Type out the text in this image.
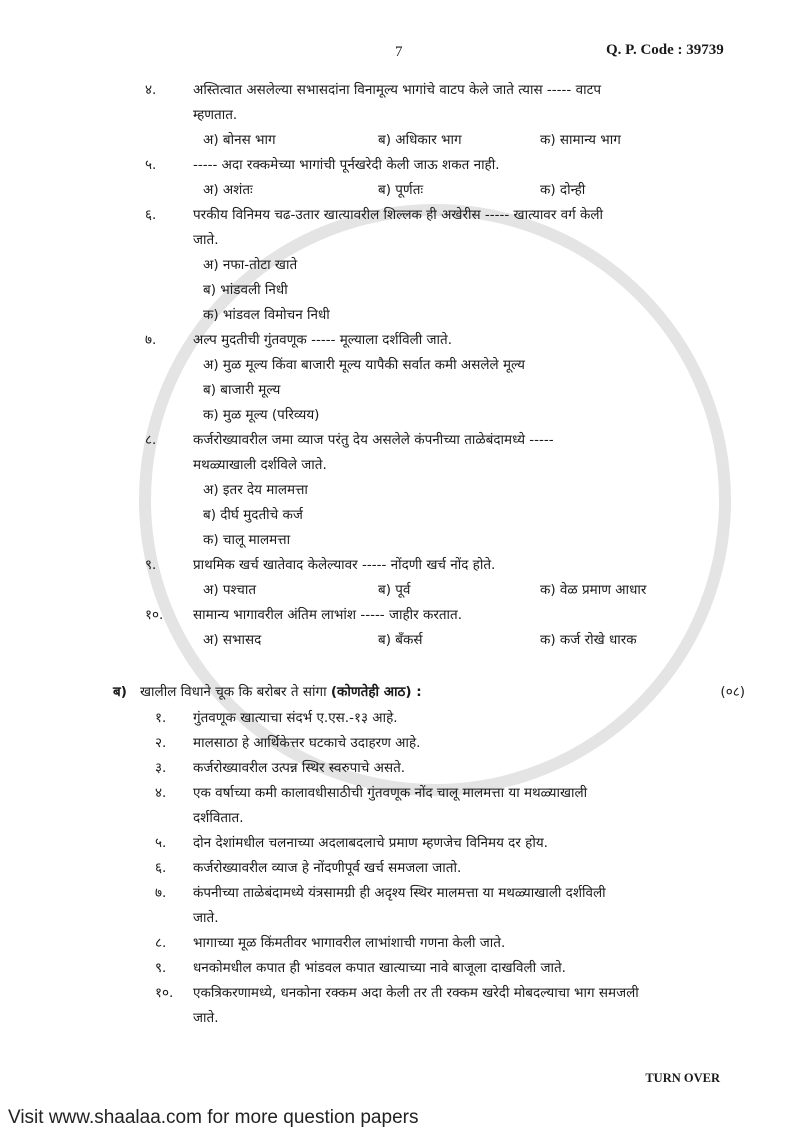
7	Q. P. Code : 39739
४.	अस्तित्वात असलेल्या सभासदांना विनामूल्य भागांचे वाटप केले जाते त्यास ----- वाटप
म्हणतात.
अ) बोनस भाग	ब) अधिकार भाग	क) सामान्य भाग
५.	----- अदा रक्कमेच्या भागांची पूर्नखरेदी केली जाऊ शकत नाही.
अ) अशंतः	ब) पूर्णतः	क) दोन्ही
६.	परकीय विनिमय चढ-उतार खात्यावरील शिल्लक ही अखेरीस ----- खात्यावर वर्ग केली
जाते.
अ) नफा-तोटा खाते
ब) भांडवली निधी
क) भांडवल विमोचन निधी
७.	अल्प मुदतीची गुंतवणूक ----- मूल्याला दर्शविली जाते.
अ) मुळ मूल्य किंवा बाजारी मूल्य यापैकी सर्वात कमी असलेले मूल्य
ब) बाजारी मूल्य
क) मुळ मूल्य (परिव्यय)
८.	कर्जरोख्यावरील जमा व्याज परंतु देय असलेले कंपनीच्या ताळेबंदामध्ये -----
मथळ्याखाली दर्शविले जाते.
अ) इतर देय मालमत्ता
ब) दीर्घ मुदतीचे कर्ज
क) चालू मालमत्ता
९.	प्राथमिक खर्च खातेवाद केलेल्यावर ----- नोंदणी खर्च नोंद होते.
अ) पश्चात	ब) पूर्व	क) वेळ प्रमाण आधार
१०.	सामान्य भागावरील अंतिम लाभांश ----- जाहीर करतात.
अ) सभासद	ब) बँकर्स	क) कर्ज रोखे धारक
ब) खालील विधाने चूक कि बरोबर ते सांगा (कोणतेही आठ) :	(०८)
१.	गुंतवणूक खात्याचा संदर्भ ए.एस.-१३ आहे.
२.	मालसाठा हे आर्थिकेत्तर घटकाचे उदाहरण आहे.
३.	कर्जरोख्यावरील उत्पन्न स्थिर स्वरुपाचे असते.
४.	एक वर्षाच्या कमी कालावधीसाठीची गुंतवणूक नोंद चालू मालमत्ता या मथळ्याखाली
दर्शवितात.
५.	दोन देशांमधील चलनाच्या अदलाबदलाचे प्रमाण म्हणजेच विनिमय दर होय.
६.	कर्जरोख्यावरील व्याज हे नोंदणीपूर्व खर्च समजला जातो.
७.	कंपनीच्या ताळेबंदामध्ये यंत्रसामग्री ही अदृश्य स्थिर मालमत्ता या मथळ्याखाली दर्शविली
जाते.
८.	भागाच्या मूळ किंमतीवर भागावरील लाभांशाची गणना केली जाते.
९.	धनकोमधील कपात ही भांडवल कपात खात्याच्या नावे बाजूला दाखविली जाते.
१०.	एकत्रिकरणामध्ये, धनकोना रक्कम अदा केली तर ती रक्कम खरेदी मोबदल्याचा भाग समजली
जाते.
TURN OVER
Visit www.shaalaa.com for more question papers
